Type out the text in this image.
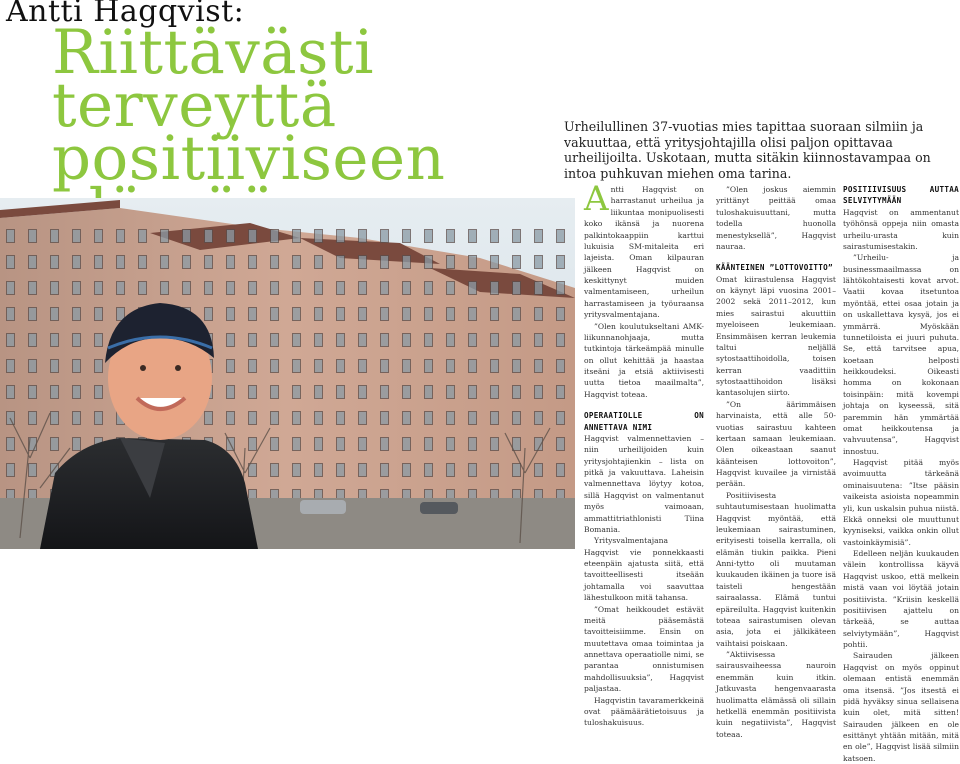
Antti Hagqvist:
Riittävästi terveyttä positiiviseen	Urheilullinen 37-vuotias mies tapittaa suoraan silmiin ja vakuuttaa, että yritysjohtajilla olisi paljon opittavaa urheilijoilta. Uskotaan, mutta sitäkin kiinnostavampaa on intoa puhkuvan miehen oma tarina.

Antti Hagqvist on harrastanut urheilua ja liikuntaa monipuolisesti koko ikänsä ja nuorena palkintokaappiin karttui lukuisia SM-mitaleita eri lajeista. Oman kilpauran jälkeen Hagqvist on keskittynyt muiden valmentamiseen, urheilun harrastamiseen ja työuraansa yritysvalmentajana.

”Olen koulutukseltani AMK-liikunnanohjaaja, mutta tutkintoja tärkeämpää minulle on ollut kehittää ja haastaa itseäni ja etsiä aktiivisesti uutta tietoa maailmalta”, Hagqvist toteaa.

OPERAATIOLLE ON ANNETTAVA NIMI

Hagqvist valmennettavien – niin urheilijoiden kuin yritysjohtajienkin – lista on pitkä ja vakuuttava. Laheisin valmennettava löytyy kotoa, sillä Hagqvist on valmentanut myös vaimoaan, ammattitriathlonisti Tiina Bomania.

Yritysvalmentajana Hagqvist vie ponnekkaasti eteenpäin ajatusta siitä, että tavoitteellisesti itseään johtamalla voi saavuttaa lähestulkoon mitä tahansa.

”Omat heikkoudet estävät meitä pääsemästä tavoitteisiimme. Ensin on muutettava omaa toimintaa ja annettava operaatiolle nimi, se parantaa onnistumisen mahdollisuuksia”, Hagqvist paljastaa.

Hagqvistin tavaramerkkeinä ovat päämäärätietoisuus ja tuloshakuisuus.

”Olen joskus aiemmin yrittänyt peittää omaa tuloshakuisuuttani, mutta todella huonolla menestyksellä”, Hagqvist nauraa.

KÄÄNTEINEN ”LOTTOVOITTO”

Omat kiirastulensa Hagqvist on käynyt läpi vuosina 2001–2002 sekä 2011–2012, kun mies sairastui akuuttiin myeloiseen leukemiaan. Ensimmäisen kerran leukemia taltui neljällä sytostaattihoidolla, toisen kerran vaadittiin sytostaattihoidon lisäksi kantasolujen siirto.

”On äärimmäisen harvinaista, että alle 50-vuotias sairastuu kahteen kertaan samaan leukemiaan. Olen oikeastaan saanut käänteisen lottovoiton”, Hagqvist kuvailee ja virnistää perään.

Positiivisesta suhtautumisestaan huolimatta Hagqvist myöntää, että leukemiaan sairastuminen, erityisesti toisella kerralla, oli elämän tiukin paikka. Pieni Anni-tytto oli muutaman kuukauden ikäinen ja tuore isä taisteli hengestään sairaalassa. Elämä tuntui epäreilulta. Hagqvist kuitenkin toteaa sairastumisen olevan asia, jota ei jälkikäteen vaihtaisi poiskaan.

”Aktiivisessa sairausvaiheessa nauroin enemmän kuin itkin. Jatkuvasta hengenvaarasta huolimatta elämässä oli sillain hetkellä enemmän positiivista kuin negatiivista”, Hagqvist toteaa.

POSITIIVISUUS AUTTAA SELVIYTYMÄÄN

Hagqvist on ammentanut työhönsä oppeja niin omasta urheilu-urasta kuin sairastumisestakin.

”Urheilu- ja businessmaailmassa on lähtökohtaisesti kovat arvot. Vaatii kovaa itsetuntoa myöntää, ettei osaa jotain ja on uskallettava kysyä, jos ei ymmärrä. Myöskään tunnetiloista ei juuri puhuta. Se, että tarvitsee apua, koetaan helposti heikkoudeksi. Oikeasti homma on kokonaan toisinpäin: mitä kovempi johtaja on kyseessä, sitä paremmin hän ymmärtää omat heikkoutensa ja vahvuutensa”, Hagqvist innostuu.

Hagqvist pitää myös avoimuutta tärkeänä ominaisuutena: ”Itse pääsin vaikeista asioista nopeammin yli, kun uskalsin puhua niistä. Ekkä onneksi ole muuttunut kyyniseksi, vaikka onkin ollut vastoinkäymisiä”.

Edelleen neljän kuukauden välein kontrollissa käyvä Hagqvist uskoo, että melkein mistä vaan voi löytää jotain positiivista. ”Kriisin keskellä positiivisen ajattelu on tärkeää, se auttaa selviytymään”, Hagqvist pohtii.

Sairauden jälkeen Hagqvist on myös oppinut olemaan entistä enemmän oma itsensä. ”Jos itsestä ei pidä hyväksy sinua sellaisena kuin olet, mitä sitten! Sairauden jälkeen en ole esittänyt yhtään mitään, mitä en ole”, Hagqvist lisää silmiin katsoen.
